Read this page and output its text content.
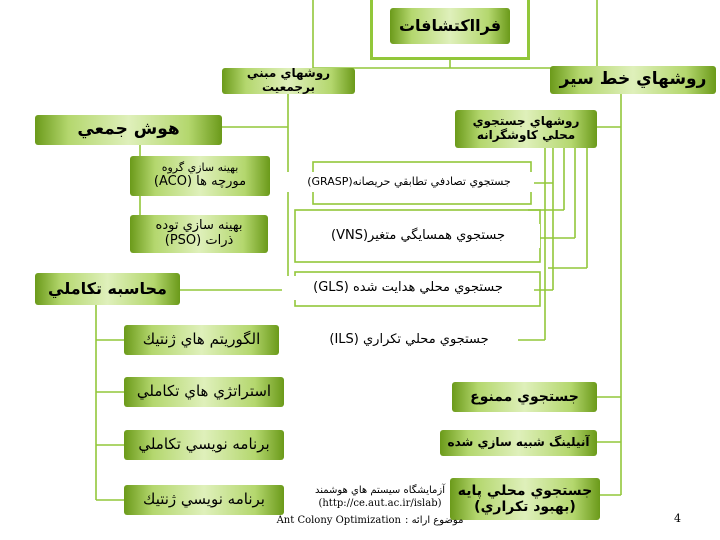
فرااکتشافات
روشهاي مبني برجمعيت	روشهاي خط سير
هوش جمعي
بهينه سازي گروه
مورچه ها (ACO)
بهينه سازي توده
ذرات (PSO)
محاسبه تكاملي
الگوريتم هاي ژنتيك
استراتژي هاي تكاملي
برنامه نويسي تكاملي
برنامه نويسي ژنتيك
روشهاي جستجوي
محلي كاوشگرانه
جستجوي تصادفي تطابقي حريصانه(GRASP)
جستجوي همسايگي متغير(VNS)
جستجوي محلي هدايت شده (GLS)
جستجوي محلي تكراري (ILS)
جستجوي ممنوع
آنيلينگ شبيه سازي شده
جستجوي محلي پايه
(بهبود تكراري)
آزمايشگاه سيستم هاي هوشمند
(http://ce.aut.ac.ir/islab)
موضوع ارائه :
Ant Colony Optimization	4
